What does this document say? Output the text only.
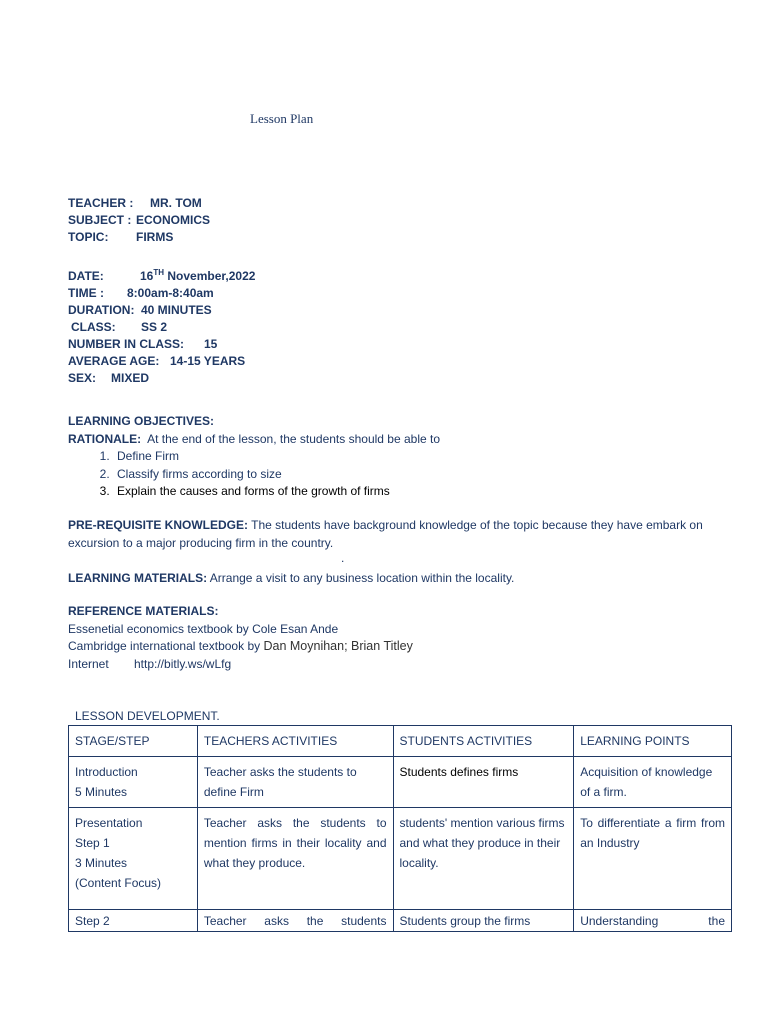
Lesson Plan
TEACHER : MR. TOM
SUBJECT : ECONOMICS
TOPIC: FIRMS
DATE:	16TH November,2022
TIME : 8:00am-8:40am
DURATION: 40 MINUTES
CLASS: SS 2
NUMBER IN CLASS: 15
AVERAGE AGE: 14-15 YEARS
SEX: MIXED
LEARNING OBJECTIVES:
RATIONALE: At the end of the lesson, the students should be able to
1. Define Firm
2. Classify firms according to size
3. Explain the causes and forms of the growth of firms
PRE-REQUISITE KNOWLEDGE: The students have background knowledge of the topic because they have embark on excursion to a major producing firm in the country.
.
LEARNING MATERIALS: Arrange a visit to any business location within the locality.
REFERENCE MATERIALS:
Essenetial economics textbook by Cole Esan Ande
Cambridge international textbook by Dan Moynihan; Brian Titley
Internet http://bitly.ws/wLfg
LESSON DEVELOPMENT.
STAGE/STEP	TEACHERS ACTIVITIES	STUDENTS ACTIVITIES	LEARNING POINTS

Introduction
5 Minutes	Teacher asks the students to define Firm	Students defines firms	Acquisition of knowledge of a firm.

Presentation
Step 1
3 Minutes
(Content Focus)	Teacher asks the students to mention firms in their locality and what they produce.	students' mention various firms and what they produce in their locality.	To differentiate a firm from an Industry
Step 2	Teacher asks the students	Students group the firms	Understanding the
